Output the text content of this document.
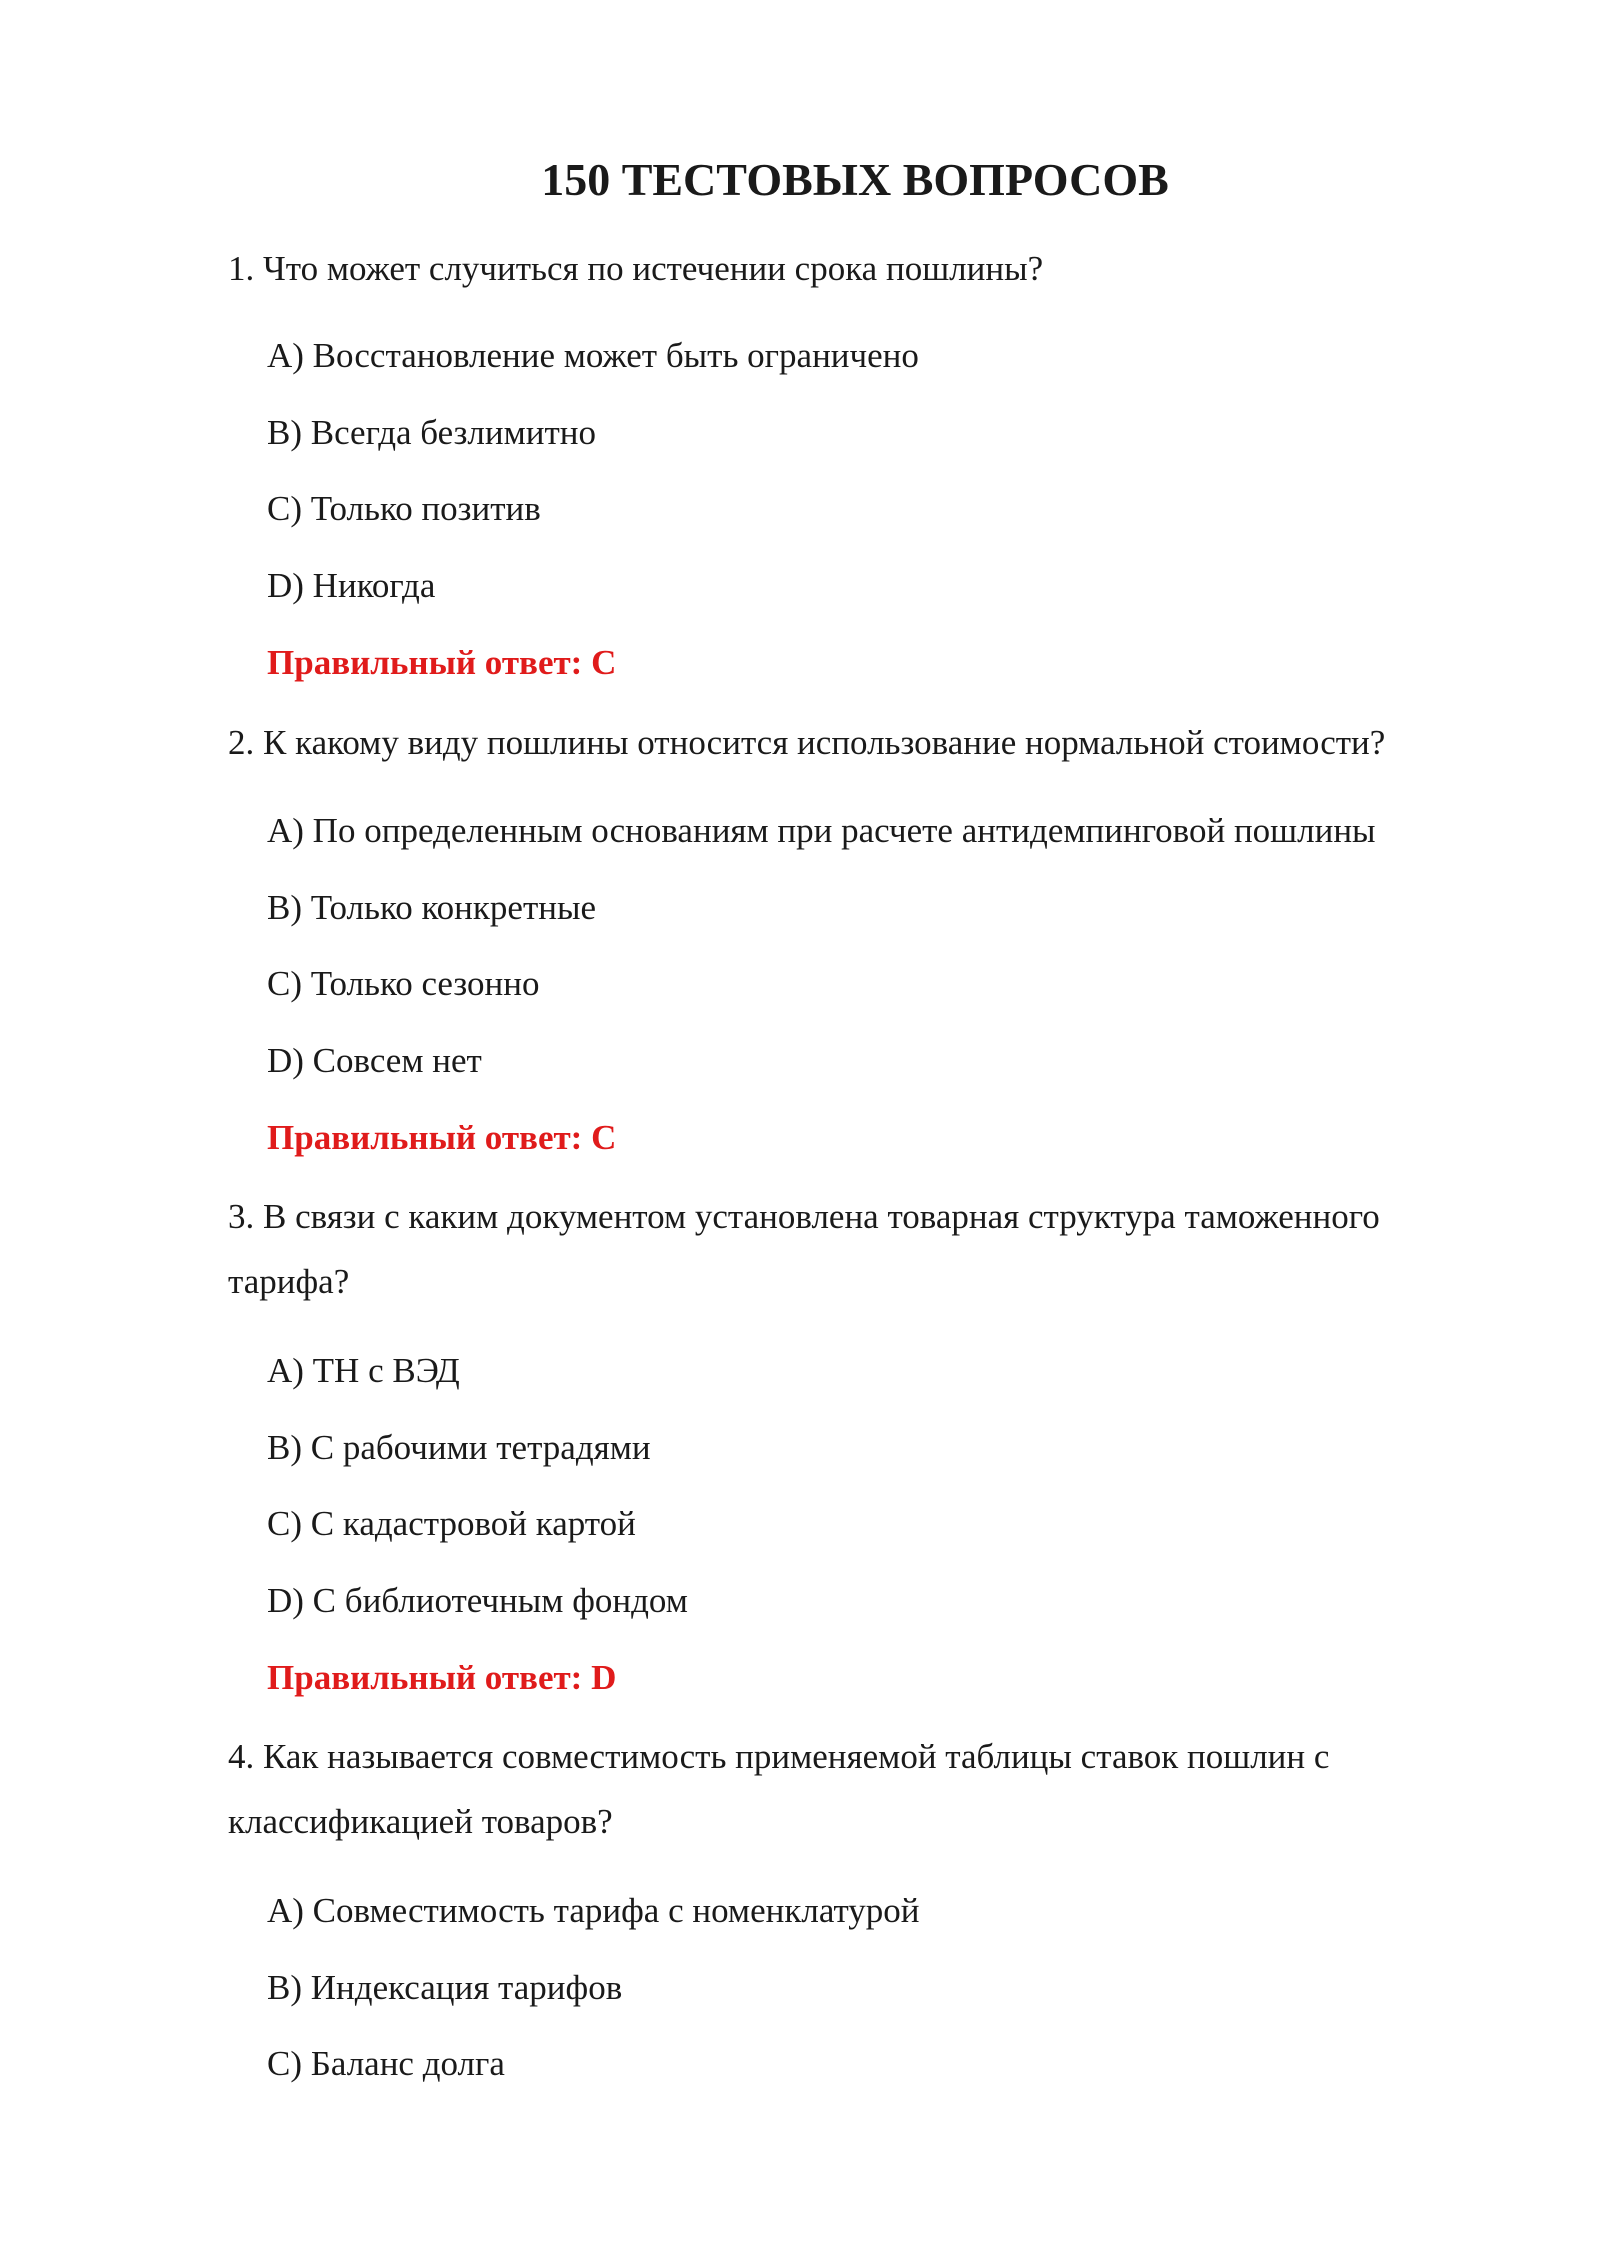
150 ТЕСТОВЫХ ВОПРОСОВ
1. Что может случиться по истечении срока пошлины?
A) Восстановление может быть ограничено
B) Всегда безлимитно
C) Только позитив
D) Никогда
Правильный ответ: C
2. К какому виду пошлины относится использование нормальной стоимости?
A) По определенным основаниям при расчете антидемпинговой пошлины
B) Только конкретные
C) Только сезонно
D) Совсем нет
Правильный ответ: C
3. В связи с каким документом установлена товарная структура таможенного тарифа?
A) ТН с ВЭД
B) С рабочими тетрадями
C) С кадастровой картой
D) С библиотечным фондом
Правильный ответ: D
4. Как называется совместимость применяемой таблицы ставок пошлин с классификацией товаров?
A) Совместимость тарифа с номенклатурой
B) Индексация тарифов
C) Баланс долга
